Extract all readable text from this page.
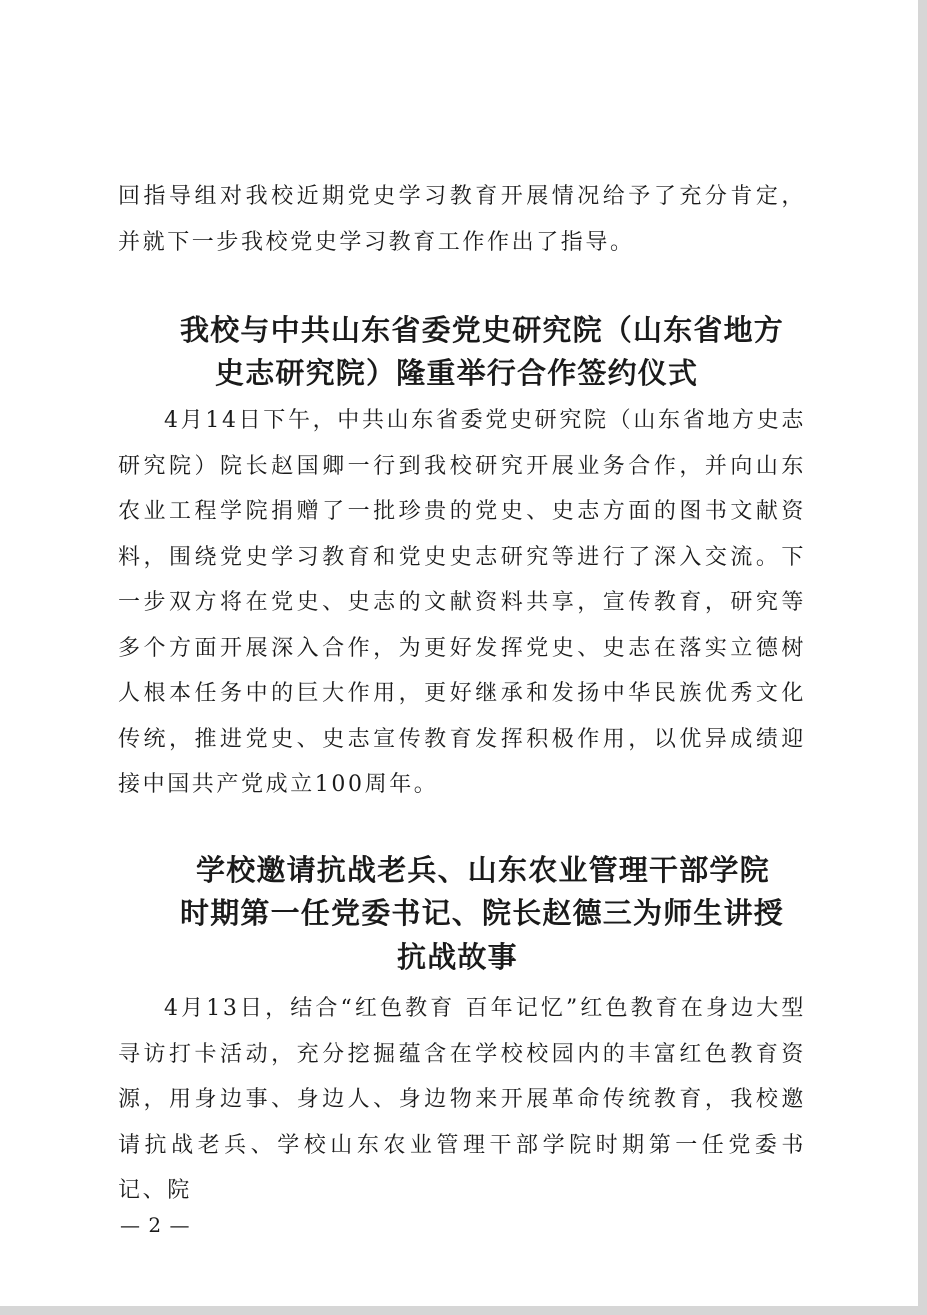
回指导组对我校近期党史学习教育开展情况给予了充分肯定，并就下一步我校党史学习教育工作作出了指导。

我校与中共山东省委党史研究院（山东省地方
史志研究院）隆重举行合作签约仪式

4月14日下午，中共山东省委党史研究院（山东省地方史志研究院）院长赵国卿一行到我校研究开展业务合作，并向山东农业工程学院捐赠了一批珍贵的党史、史志方面的图书文献资料，围绕党史学习教育和党史史志研究等进行了深入交流。下一步双方将在党史、史志的文献资料共享，宣传教育，研究等多个方面开展深入合作，为更好发挥党史、史志在落实立德树人根本任务中的巨大作用，更好继承和发扬中华民族优秀文化传统，推进党史、史志宣传教育发挥积极作用，以优异成绩迎接中国共产党成立100周年。

学校邀请抗战老兵、山东农业管理干部学院
时期第一任党委书记、院长赵德三为师生讲授
抗战故事

4月13日，结合“红色教育 百年记忆”红色教育在身边大型寻访打卡活动，充分挖掘蕴含在学校校园内的丰富红色教育资源，用身边事、身边人、身边物来开展革命传统教育，我校邀请抗战老兵、学校山东农业管理干部学院时期第一任党委书记、院

— 2 —
